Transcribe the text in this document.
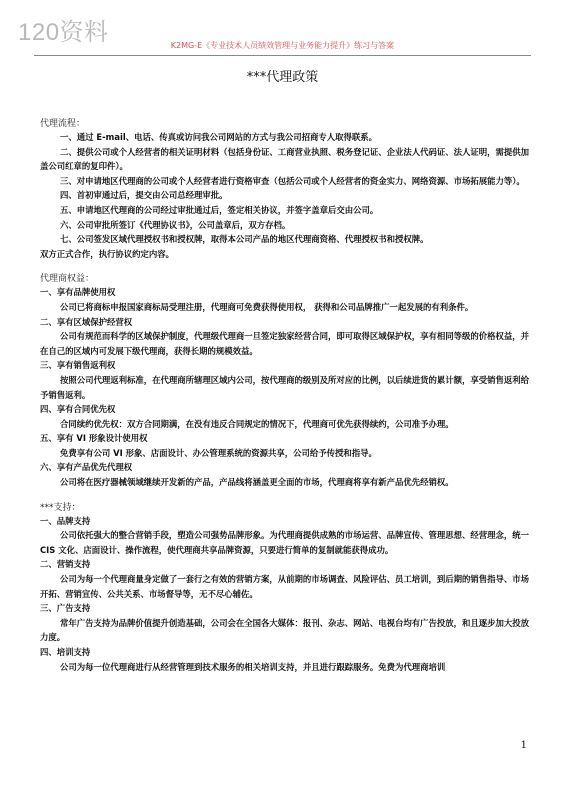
120资料	K2MG-E《专业技术人员绩效管理与业务能力提升》练习与答案
***代理政策
代理流程：

一、通过 E-mail、电话、传真或访问我公司网站的方式与我公司招商专人取得联系。

二、提供公司或个人经营者的相关证明材料（包括身份证、工商营业执照、税务登记证、企业法人代码证、法人证明，需提供加盖公司红章的复印件）。

三、对申请地区代理商的公司或个人经营者进行资格审查（包括公司或个人经营者的资金实力、网络资源、市场拓展能力等）。

四、首初审通过后，提交由公司总经理审批。

五、申请地区代理商的公司经过审批通过后，签定相关协议，并签字盖章后交由公司。

六、公司审批所签订《代理协议书》，公司盖章后，双方存档。

七、公司签发区域代理授权书和授权牌，取得本公司产品的地区代理商资格、代理授权书和授权牌。

双方正式合作，执行协议约定内容。

代理商权益：

一、享有品牌使用权

公司已将商标申报国家商标局受理注册，代理商可免费获得使用权， 获得和公司品牌推广一起发展的有利条件。

二、享有区域保护经营权

公司有规范而科学的区域保护制度，代理级代理商一旦签定独家经营合同，即可取得区域保护权，享有相同等级的价格权益，并在自己的区域内可发展下级代理商，获得长期的规模效益。

三、享有销售返利权

按照公司代理返利标准，在代理商所辖理区域内公司，按代理商的级别及所对应的比例，以后续进货的累计额，享受销售返利给予销售返利。

四、享有合同优先权

合同续约优先权：双方合同期满，在没有违反合同规定的情况下，代理商可优先获得续约，公司准予办理。

五、享有 VI 形象设计使用权

免费享有公司 VI 形象、店面设计、办公管理系统的资源共享，公司给予传授和指导。

六、享有产品优先代理权

公司将在医疗器械领域继续开发新的产品，产品线将涵盖更全面的市场，代理商将享有新产品优先经销权。

***支持：

一、品牌支持

公司依托强大的整合营销手段，塑造公司强势品牌形象。为代理商提供成熟的市场运营、品牌宣传、管理思想、经营理念，统一 CIS 文化、店面设计、操作流程，使代理商共享品牌资源，只要进行简单的复制就能获得成功。

二、营销支持

公司为每一个代理商量身定做了一套行之有效的营销方案，从前期的市场调查、风险评估、员工培训，到后期的销售指导、市场开拓、营销宣传、公共关系、市场督导等，无不尽心辅佐。

三、广告支持

常年广告支持为品牌价值提升创造基础，公司会在全国各大媒体：报刊、杂志、网站、电视台均有广告投放，和且逐步加大投放力度。

四、培训支持

公司为每一位代理商进行从经营管理到技术服务的相关培训支持，并且进行跟踪服务。免费为代理商培训

1
